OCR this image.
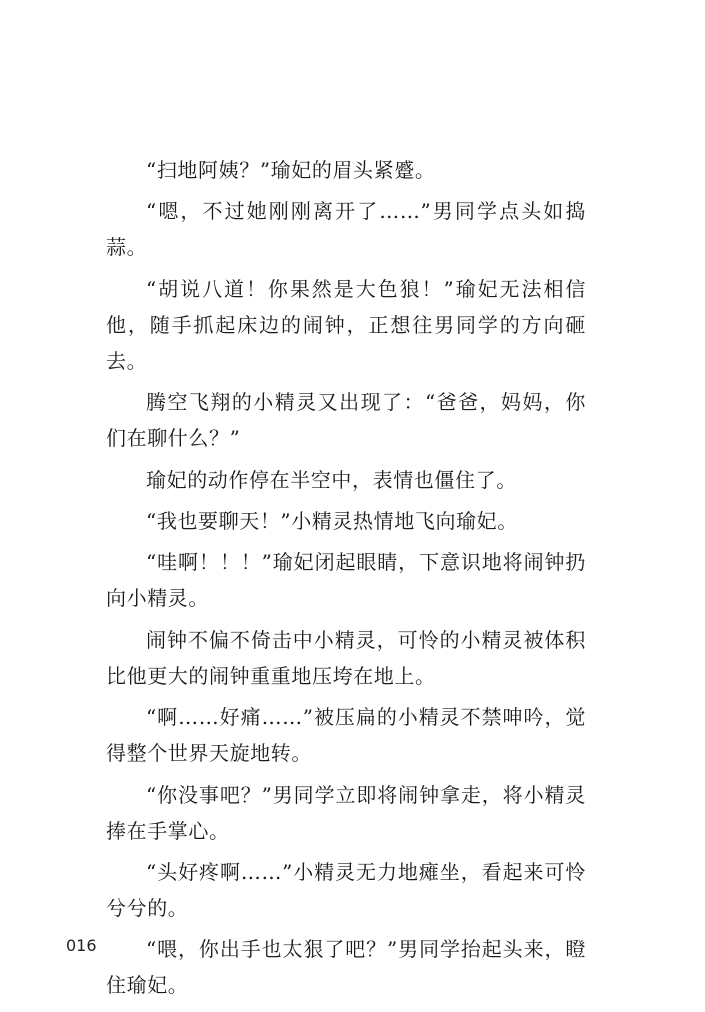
“扫地阿姨？”瑜妃的眉头紧蹙。

“嗯，不过她刚刚离开了……”男同学点头如捣蒜。

“胡说八道！你果然是大色狼！”瑜妃无法相信他，随手抓起床边的闹钟，正想往男同学的方向砸去。

腾空飞翔的小精灵又出现了：“爸爸，妈妈，你们在聊什么？”

瑜妃的动作停在半空中，表情也僵住了。

“我也要聊天！”小精灵热情地飞向瑜妃。

“哇啊！！！”瑜妃闭起眼睛，下意识地将闹钟扔向小精灵。

闹钟不偏不倚击中小精灵，可怜的小精灵被体积比他更大的闹钟重重地压垮在地上。

“啊……好痛……”被压扁的小精灵不禁呻吟，觉得整个世界天旋地转。

“你没事吧？”男同学立即将闹钟拿走，将小精灵捧在手掌心。

“头好疼啊……”小精灵无力地瘫坐，看起来可怜兮兮的。

“喂，你出手也太狠了吧？”男同学抬起头来，瞪住瑜妃。

016
